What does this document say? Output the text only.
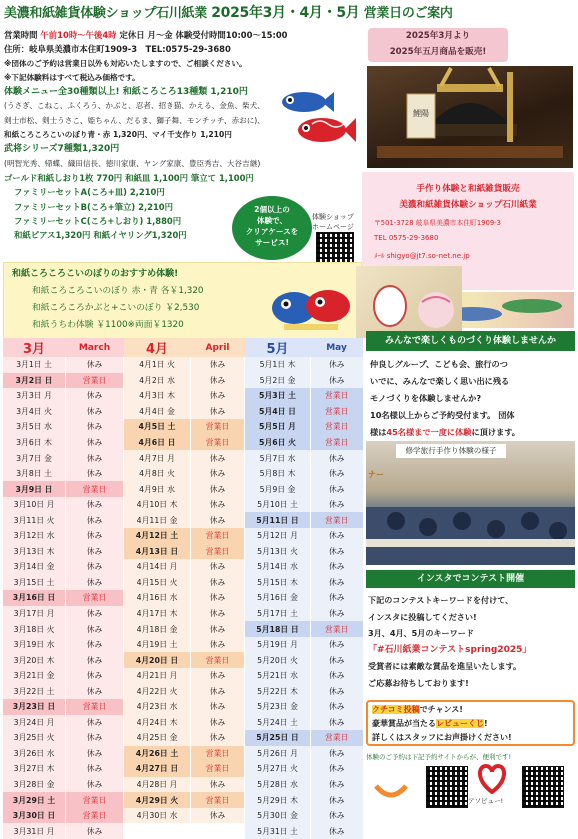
美濃和紙雑貨体験ショップ石川紙業 2025年3月・4月・5月 営業日のご案内
営業時間 午前10時～午後4時 定休日 月～金 体験受付時間10:00～15:00
住所：岐阜県美濃市本住町1909-3　TEL:0575-29-3680
※団体のご予約は営業日以外も対応いたしますので、ご相談ください。
※下記体験料はすべて税込み価格です。
体験メニュー全30種類以上! 和紙ころころ13種類 1,210円
(うさぎ、こねこ、ふくろう、かぶと、忍者、招き猫、かえる、金魚、柴犬、
剣士市松、剣士うさこ、姫ちゃん、だるま、獅子舞、モンチッチ、赤おに)、
和紙ころころこいのぼり青・赤 1,320円、マイ千支作り 1,210円
武将シリーズ7種類1,320円
(明智光秀、帰蝶、織田信長、徳川家康、ヤング家康、豊臣秀吉、大谷吉継)
ゴールド和紙しおり1枚 770円 和紙皿 1,100円 筆立て 1,100円
ファミリーセットA(ころ+皿) 2,210円
ファミリーセットB(ころ+筆立) 2,210円
ファミリーセットC(ころ+しおり) 1,880円
和紙ピアス1,320円 和紙イヤリング1,320円
2025年3月より
2025年五月商品を販売!
鯉陽
2個以上の
体験で、
クリアケースを
サービス!
体験ショップ
ホームページ
手作り体験と和紙雑貨販売
美濃和紙雑貨体験ショップ石川紙業
〒501-3728 岐阜県美濃市本住町1909-3
TEL 0575-29-3680
ﾒｰﾙ shigyo@jt7.so-net.ne.jp
和紙ころころこいのぼりのおすすめ体験!
和紙ころころこいのぼり 赤・青 各￥1,320
和紙ころころかぶと+こいのぼり ￥2,530
和紙うちわ体験 ￥1100※両面￥1320
3月	March	4月	April	5月	May
3月1日 土	休み	4月1日 火	休み	5月1日 木	休み
3月2日 日	営業日	4月2日 水	休み	5月2日 金	休み
3月3日 月	休み	4月3日 木	休み	5月3日 土	営業日
3月4日 火	休み	4月4日 金	休み	5月4日 日	営業日
3月5日 水	休み	4月5日 土	営業日	5月5日 月	営業日
3月6日 木	休み	4月6日 日	営業日	5月6日 火	営業日
3月7日 金	休み	4月7日 月	休み	5月7日 水	休み
3月8日 土	休み	4月8日 火	休み	5月8日 木	休み
3月9日 日	営業日	4月9日 水	休み	5月9日 金	休み
3月10日 月	休み	4月10日 木	休み	5月10日 土	休み
3月11日 火	休み	4月11日 金	休み	5月11日 日	営業日
3月12日 水	休み	4月12日 土	営業日	5月12日 月	休み
3月13日 木	休み	4月13日 日	営業日	5月13日 火	休み
3月14日 金	休み	4月14日 月	休み	5月14日 水	休み
3月15日 土	休み	4月15日 火	休み	5月15日 木	休み
3月16日 日	営業日	4月16日 水	休み	5月16日 金	休み
3月17日 月	休み	4月17日 木	休み	5月17日 土	休み
3月18日 火	休み	4月18日 金	休み	5月18日 日	営業日
3月19日 水	休み	4月19日 土	休み	5月19日 月	休み
3月20日 木	休み	4月20日 日	営業日	5月20日 火	休み
3月21日 金	休み	4月21日 月	休み	5月21日 水	休み
3月22日 土	休み	4月22日 火	休み	5月22日 木	休み
3月23日 日	営業日	4月23日 水	休み	5月23日 金	休み
3月24日 月	休み	4月24日 木	休み	5月24日 土	休み
3月25日 火	休み	4月25日 金	休み	5月25日 日	営業日
3月26日 水	休み	4月26日 土	営業日	5月26日 月	休み
3月27日 木	休み	4月27日 日	営業日	5月27日 火	休み
3月28日 金	休み	4月28日 月	休み	5月28日 水	休み
3月29日 土	営業日	4月29日 火	営業日	5月29日 木	休み
3月30日 日	営業日	4月30日 水	休み	5月30日 金	休み
3月31日 月	休み			5月31日 土	休み
みんなで楽しくものづくり体験しませんか
仲良しグループ、こども会、旅行のつ
いでに、みんなで楽しく思い出に残る
モノづくりを体験しませんか?
10名様以上からご予約受付ます。 団体
様は45名様まで一度に体験に頂けます。
ナー
修学旅行手作り体験の様子
インスタでコンテスト開催
下記のコンテストキーワードを付けて、
インスタに投稿してください!
3月、4月、5月のキーワード
「#石川紙業コンテストspring2025」
受賞者には素敵な賞品を進呈いたします。
ご応募お待ちしております!
クチコミ投稿でチャンス!
豪華賞品が当たるレビューくじ!
詳しくはスタッフにお声掛けください!
体験のご予約は下記予約サイトからが、便利です!
アソビュー!
